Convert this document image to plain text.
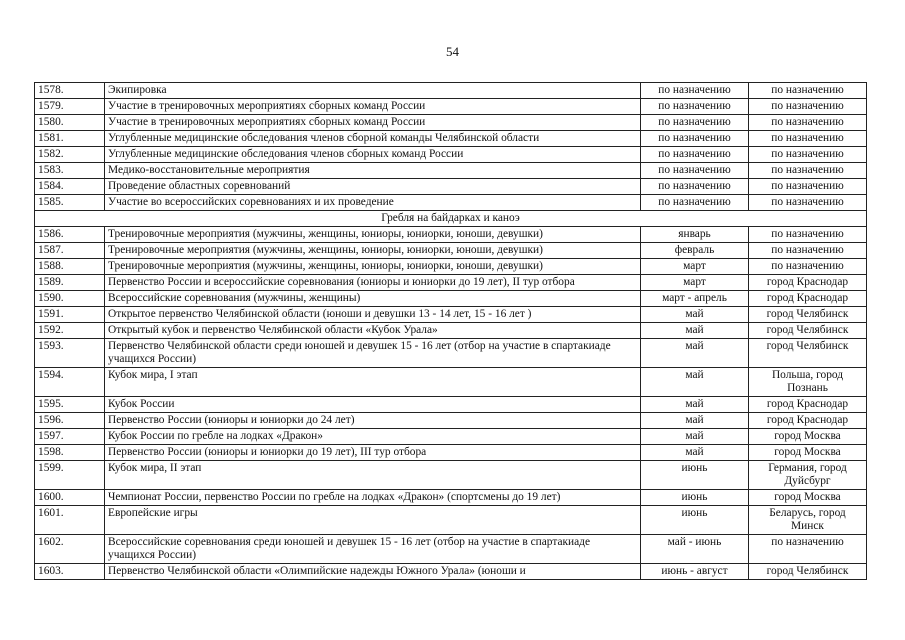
54
1578.	Экипировка	по назначению	по назначению
1579.	Участие в тренировочных мероприятиях сборных команд России	по назначению	по назначению
1580.	Участие в тренировочных мероприятиях сборных команд России	по назначению	по назначению
1581.	Углубленные медицинские обследования членов сборной команды Челябинской области	по назначению	по назначению
1582.	Углубленные медицинские обследования членов сборных команд России	по назначению	по назначению
1583.	Медико-восстановительные мероприятия	по назначению	по назначению
1584.	Проведение областных соревнований	по назначению	по назначению
1585.	Участие во всероссийских соревнованиях и их проведение	по назначению	по назначению
Гребля на байдарках и каноэ			
1586.	Тренировочные мероприятия (мужчины, женщины, юниоры, юниорки, юноши, девушки)	январь	по назначению
1587.	Тренировочные мероприятия (мужчины, женщины, юниоры, юниорки, юноши, девушки)	февраль	по назначению
1588.	Тренировочные мероприятия (мужчины, женщины, юниоры, юниорки, юноши, девушки)	март	по назначению
1589.	Первенство России и всероссийские соревнования (юниоры и юниорки до 19 лет), II тур отбора	март	город Краснодар
1590.	Всероссийские соревнования (мужчины, женщины)	март - апрель	город Краснодар
1591.	Открытое первенство Челябинской области (юноши и девушки 13 - 14 лет, 15 - 16 лет )	май	город Челябинск
1592.	Открытый кубок и первенство Челябинской области «Кубок Урала»	май	город Челябинск
1593.	Первенство Челябинской области среди юношей и девушек 15 - 16 лет (отбор на участие в спартакиаде учащихся России)	май	город Челябинск
1594.	Кубок мира, I этап	май	Польша, город Познань
1595.	Кубок России	май	город Краснодар
1596.	Первенство России (юниоры и юниорки до 24 лет)	май	город Краснодар
1597.	Кубок России по гребле на лодках «Дракон»	май	город Москва
1598.	Первенство России (юниоры и юниорки до 19 лет), III тур отбора	май	город Москва
1599.	Кубок мира, II этап	июнь	Германия, город Дуйсбург
1600.	Чемпионат России, первенство России по гребле на лодках «Дракон» (спортсмены до 19 лет)	июнь	город Москва
1601.	Европейские игры	июнь	Беларусь, город Минск
1602.	Всероссийские соревнования среди юношей и девушек 15 - 16 лет (отбор на участие в спартакиаде учащихся России)	май - июнь	по назначению
1603.	Первенство Челябинской области «Олимпийские надежды Южного Урала» (юноши и	июнь - август	город Челябинск
